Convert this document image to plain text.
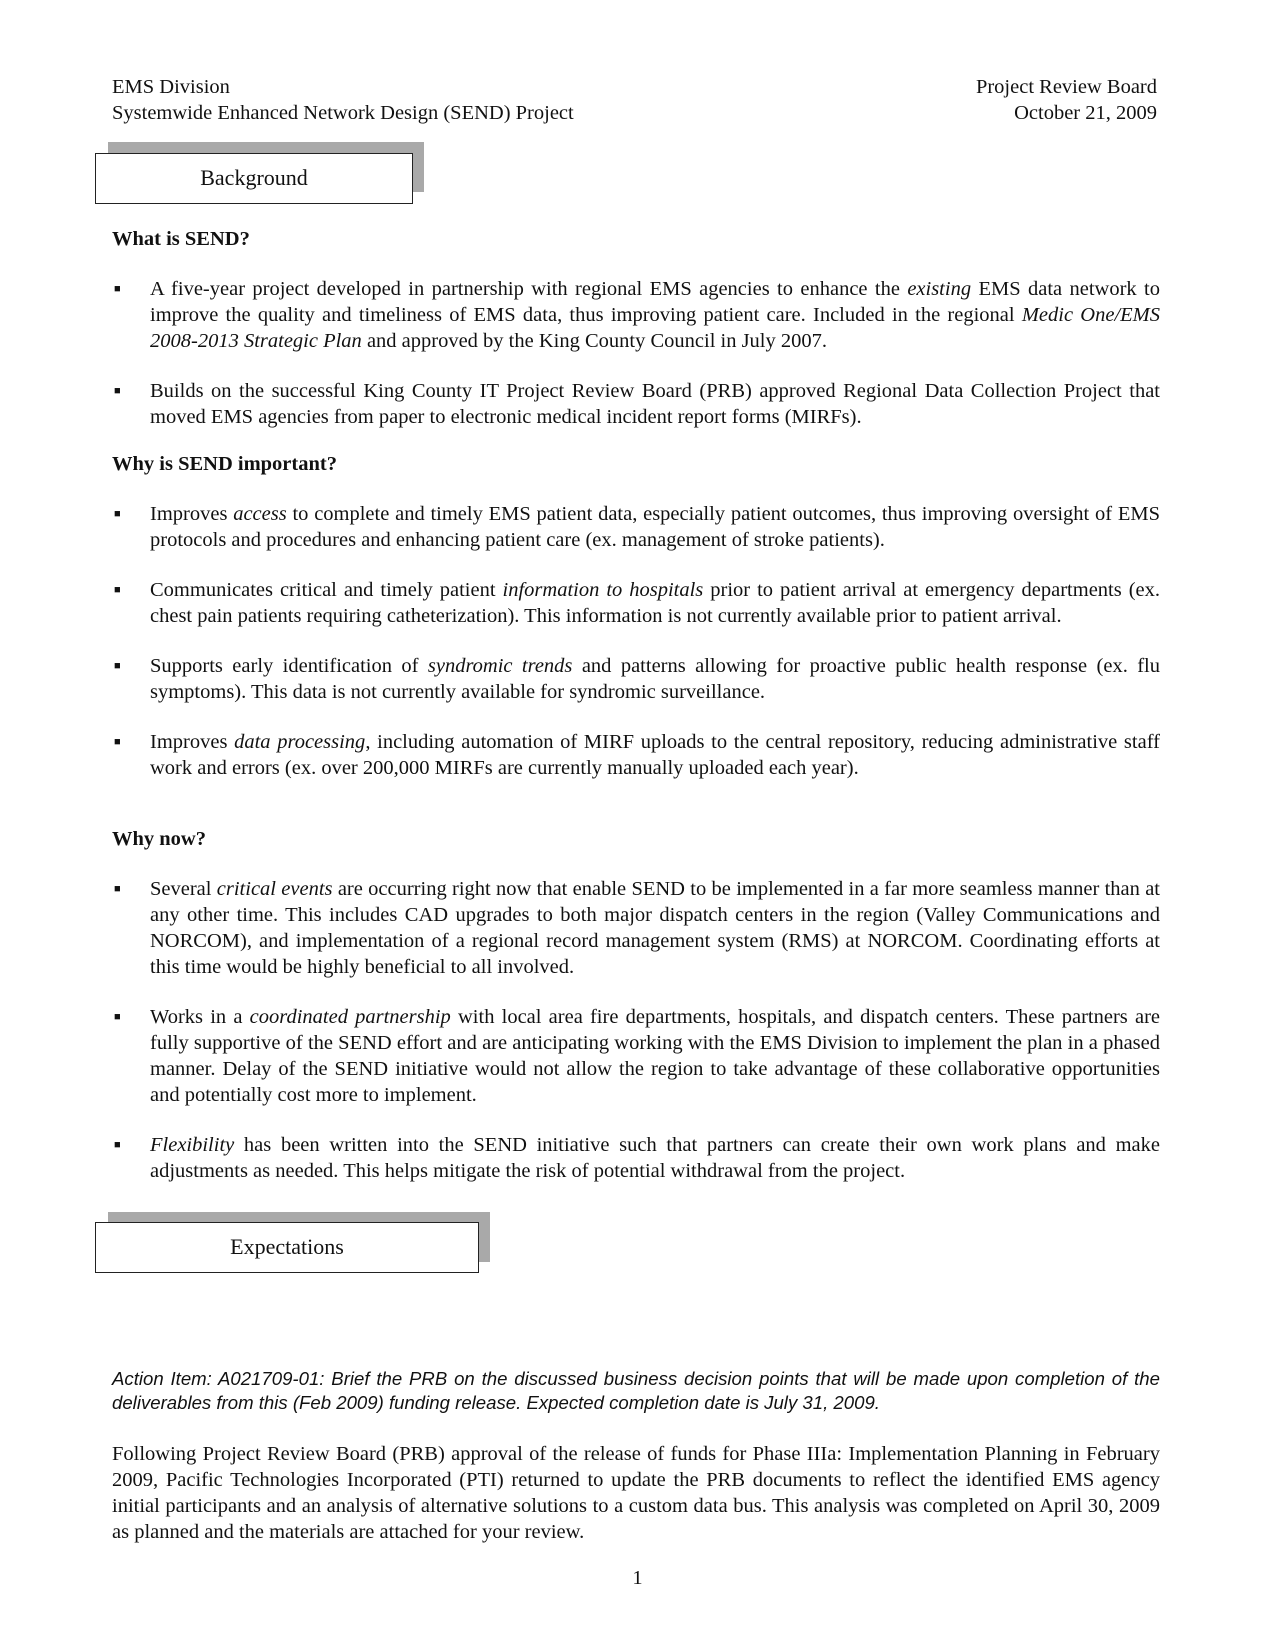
EMS Division
Systemwide Enhanced Network Design (SEND) Project
Project Review Board
October 21, 2009
Background
What is SEND?

■
A five-year project developed in partnership with regional EMS agencies to enhance the existing EMS data network to improve the quality and timeliness of EMS data, thus improving patient care. Included in the regional Medic One/EMS 2008-2013 Strategic Plan and approved by the King County Council in July 2007.

■
Builds on the successful King County IT Project Review Board (PRB) approved Regional Data Collection Project that moved EMS agencies from paper to electronic medical incident report forms (MIRFs).

Why is SEND important?

■
Improves access to complete and timely EMS patient data, especially patient outcomes, thus improving oversight of EMS protocols and procedures and enhancing patient care (ex. management of stroke patients).

■
Communicates critical and timely patient information to hospitals prior to patient arrival at emergency departments (ex. chest pain patients requiring catheterization). This information is not currently available prior to patient arrival.

■
Supports early identification of syndromic trends and patterns allowing for proactive public health response (ex. flu symptoms). This data is not currently available for syndromic surveillance.

■
Improves data processing, including automation of MIRF uploads to the central repository, reducing administrative staff work and errors (ex. over 200,000 MIRFs are currently manually uploaded each year).

Why now?

■
Several critical events are occurring right now that enable SEND to be implemented in a far more seamless manner than at any other time. This includes CAD upgrades to both major dispatch centers in the region (Valley Communications and NORCOM), and implementation of a regional record management system (RMS) at NORCOM. Coordinating efforts at this time would be highly beneficial to all involved.

■
Works in a coordinated partnership with local area fire departments, hospitals, and dispatch centers. These partners are fully supportive of the SEND effort and are anticipating working with the EMS Division to implement the plan in a phased manner. Delay of the SEND initiative would not allow the region to take advantage of these collaborative opportunities and potentially cost more to implement.

■
Flexibility has been written into the SEND initiative such that partners can create their own work plans and make adjustments as needed. This helps mitigate the risk of potential withdrawal from the project.

Expectations
Action Item: A021709-01: Brief the PRB on the discussed business decision points that will be made upon completion of the deliverables from this (Feb 2009) funding release. Expected completion date is July 31, 2009.
Following Project Review Board (PRB) approval of the release of funds for Phase IIIa: Implementation Planning in February 2009, Pacific Technologies Incorporated (PTI) returned to update the PRB documents to reflect the identified EMS agency initial participants and an analysis of alternative solutions to a custom data bus. This analysis was completed on April 30, 2009 as planned and the materials are attached for your review.
1
